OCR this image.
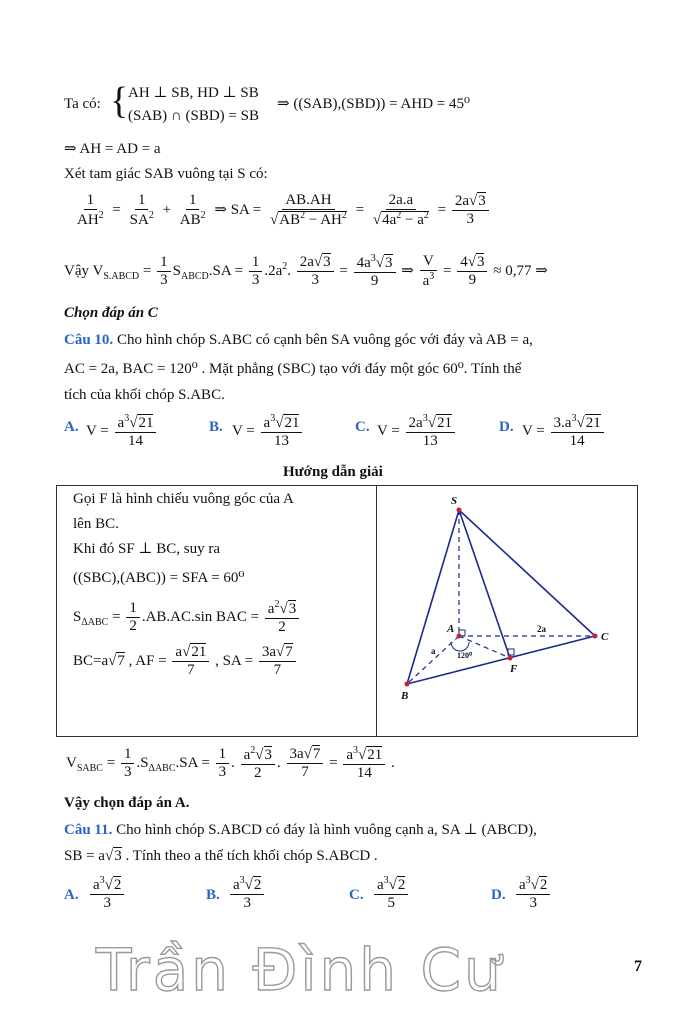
Ta có: { AH ⊥ SB, HD ⊥ SB
(SAB) ∩ (SBD) = SB
⇒ ((SAB),(SBD)) = AHD = 45⁰
⇒ AH = AD = a
Xét tam giác SAB vuông tại S có:
$\frac{1}{AH^2} = \frac{1}{SA^2} + \frac{1}{AB^2}$ ⇒ SA = $\frac{AB.AH}{√AB^2 - AH^2} = \frac{2a.a}{√4a^2 - a^2} = \frac{2a√3}{3}$
Vậy $V_{S.ABCD} = \frac{1}{3} S_{ABCD}.SA = \frac{1}{3} .2a^2$. $\frac{2a√3}{3} = \frac{4a^3√3}{9}$ ⇒ $\frac{V}{a^3} = \frac{4√3}{9} \approx 0,77$ ⇒
Chọn đáp án C
Câu 10. Cho hình chóp S.ABC có cạnh bên SA vuông góc với đáy và AB = a,
AC = 2a, BAC = 120⁰ . Mặt phẳng (SBC) tạo với đáy một góc 60⁰. Tính thể
tích của khối chóp S.ABC.
A. $V = \frac{a^3√21}{14}$	B. $V = \frac{a^3√21}{13}$	C. $V = \frac{2a^3√21}{13}$	D. $V = \frac{3.a^3√21}{14}$
Hướng dẫn giải
Gọi F là hình chiếu vuông góc của A
lên BC.
Khi đó SF ⊥ BC, suy ra
((SBC),(ABC)) = SFA = 60⁰
$S_{\Delta ABC} = \frac{1}{2} .AB.AC.\sin$ BAC = $\frac{a^2√3}{2}$
BC=a√7 , AF = $\frac{a√21}{7}$ , SA = $\frac{3a√7}{7}$
S
A
B
C
F
2a
a	120⁰
$V_{SABC} = \frac{1}{3} .S_{\Delta ABC}.SA = \frac{1}{3}$ . $\frac{a^2√3}{2}$ . $\frac{3a√7}{7} = \frac{a^3√21}{14}$ .
Vậy chọn đáp án A.
Câu 11. Cho hình chóp S.ABCD có đáy là hình vuông cạnh a, SA ⊥ (ABCD),
SB = a√3 . Tính theo a thể tích khối chóp S.ABCD .
A. $\frac{a^3√2}{3}$	B. $\frac{a^3√2}{3}$	C. $\frac{a^3√2}{5}$	D. $\frac{a^3√2}{3}$
Trần Đình Cư	7
